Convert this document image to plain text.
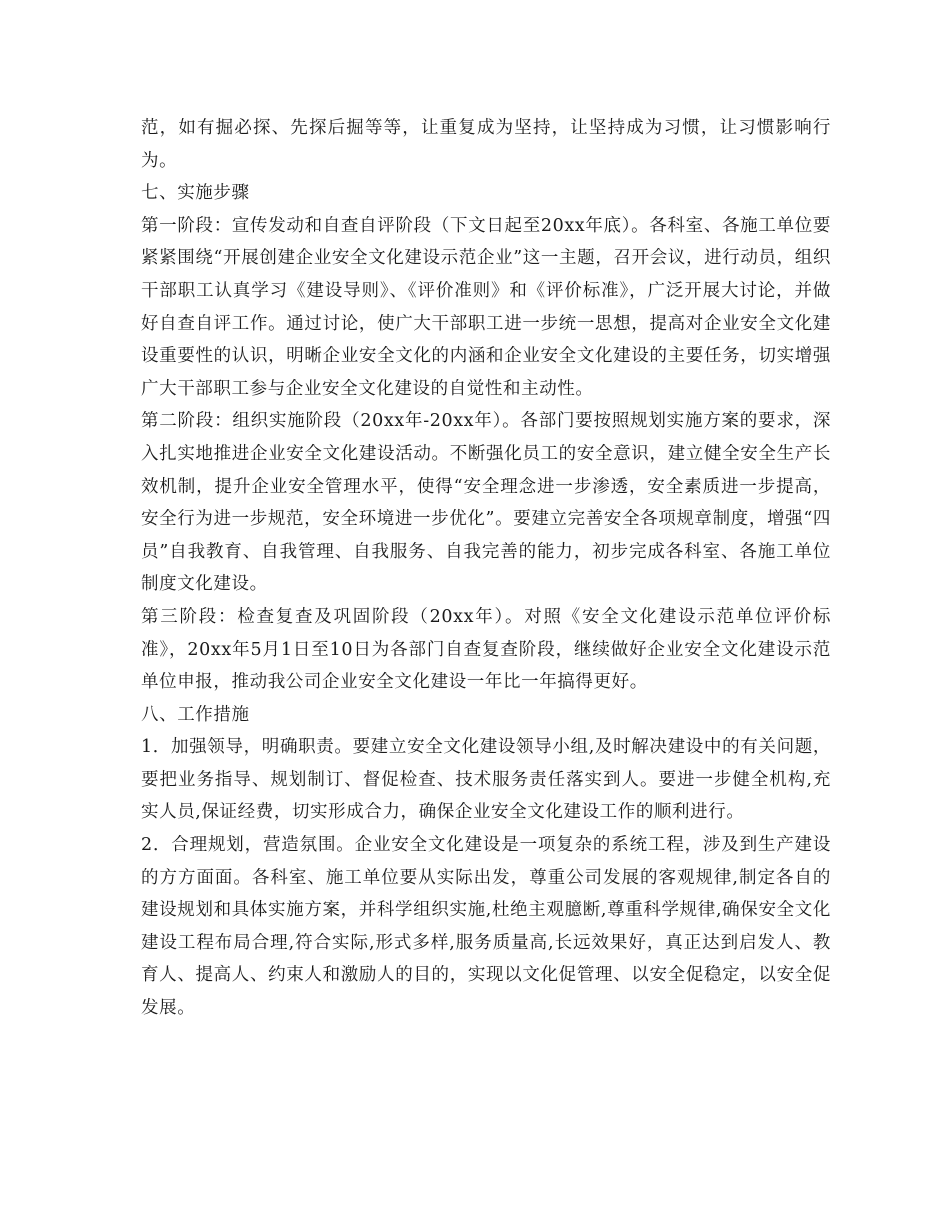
范，如有掘必探、先探后掘等等，让重复成为坚持，让坚持成为习惯，让习惯影响行为。

七、实施步骤

第一阶段：宣传发动和自查自评阶段（下文日起至20xx年底）。各科室、各施工单位要紧紧围绕“开展创建企业安全文化建设示范企业”这一主题，召开会议，进行动员，组织干部职工认真学习《建设导则》、《评价准则》和《评价标准》，广泛开展大讨论，并做好自查自评工作。通过讨论，使广大干部职工进一步统一思想，提高对企业安全文化建设重要性的认识，明晰企业安全文化的内涵和企业安全文化建设的主要任务，切实增强广大干部职工参与企业安全文化建设的自觉性和主动性。

第二阶段：组织实施阶段（20xx年-20xx年）。各部门要按照规划实施方案的要求，深入扎实地推进企业安全文化建设活动。不断强化员工的安全意识，建立健全安全生产长效机制，提升企业安全管理水平，使得“安全理念进一步渗透，安全素质进一步提高，安全行为进一步规范，安全环境进一步优化”。要建立完善安全各项规章制度，增强“四员”自我教育、自我管理、自我服务、自我完善的能力，初步完成各科室、各施工单位制度文化建设。

第三阶段：检查复查及巩固阶段（20xx年）。对照《安全文化建设示范单位评价标准》，20xx年5月1日至10日为各部门自查复查阶段，继续做好企业安全文化建设示范单位申报，推动我公司企业安全文化建设一年比一年搞得更好。

八、工作措施

1．加强领导，明确职责。要建立安全文化建设领导小组,及时解决建设中的有关问题，要把业务指导、规划制订、督促检查、技术服务责任落实到人。要进一步健全机构,充实人员,保证经费，切实形成合力，确保企业安全文化建设工作的顺利进行。

2．合理规划，营造氛围。企业安全文化建设是一项复杂的系统工程，涉及到生产建设的方方面面。各科室、施工单位要从实际出发，尊重公司发展的客观规律,制定各自的建设规划和具体实施方案，并科学组织实施,杜绝主观臆断,尊重科学规律,确保安全文化建设工程布局合理,符合实际,形式多样,服务质量高,长远效果好，真正达到启发人、教育人、提高人、约束人和激励人的目的，实现以文化促管理、以安全促稳定，以安全促发展。
